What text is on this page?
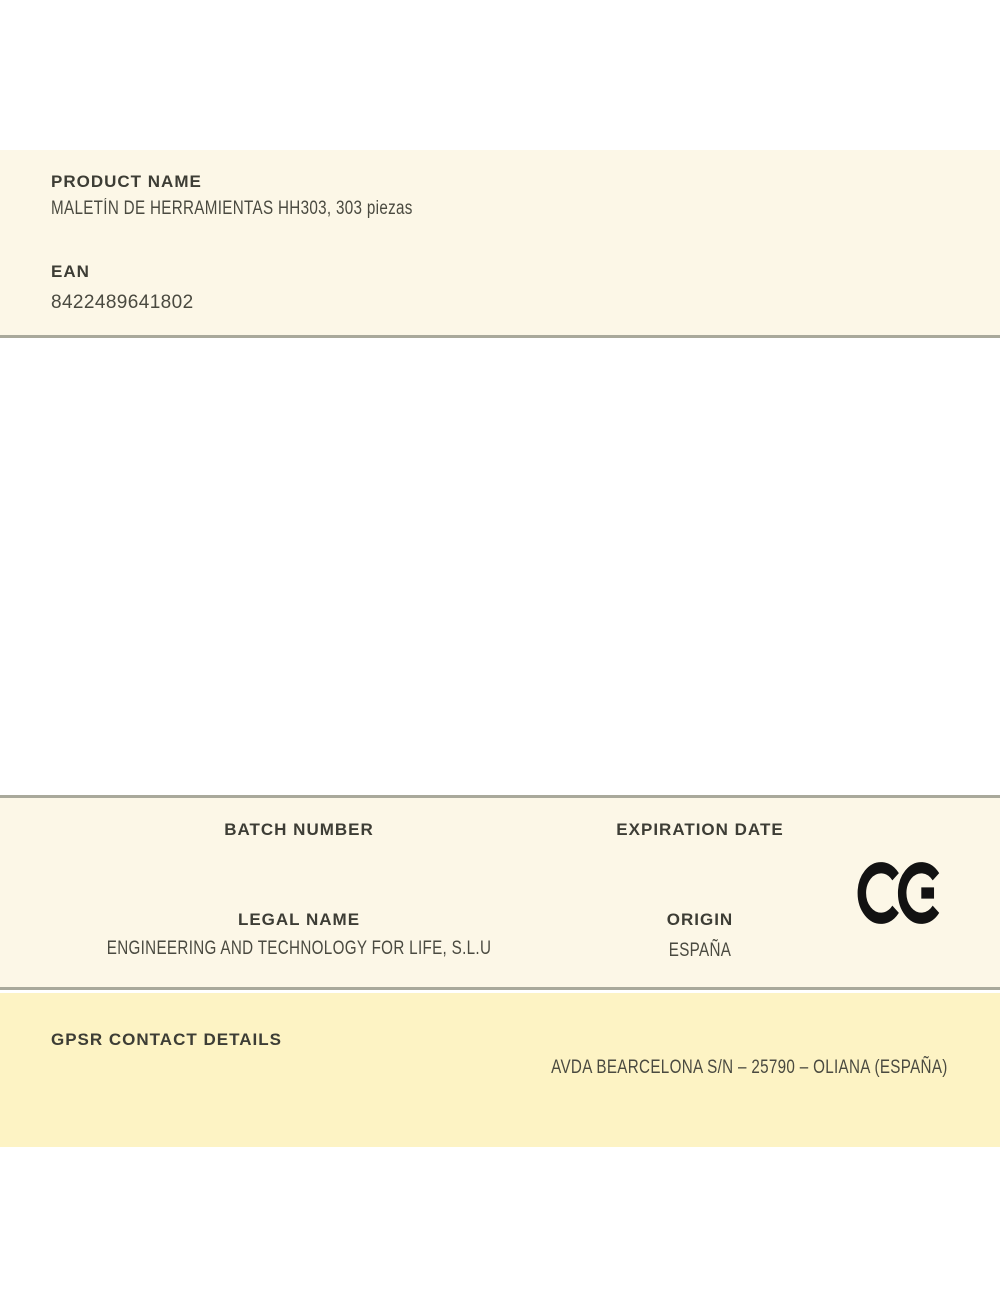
PRODUCT NAME
MALETÍN DE HERRAMIENTAS HH303, 303 piezas
EAN
8422489641802
BATCH NUMBER	EXPIRATION DATE
LEGAL NAME
ENGINEERING AND TECHNOLOGY FOR LIFE, S.L.U
ORIGIN
ESPAÑA
GPSR CONTACT DETAILS
AVDA BEARCELONA S/N – 25790 – OLIANA (ESPAÑA)
